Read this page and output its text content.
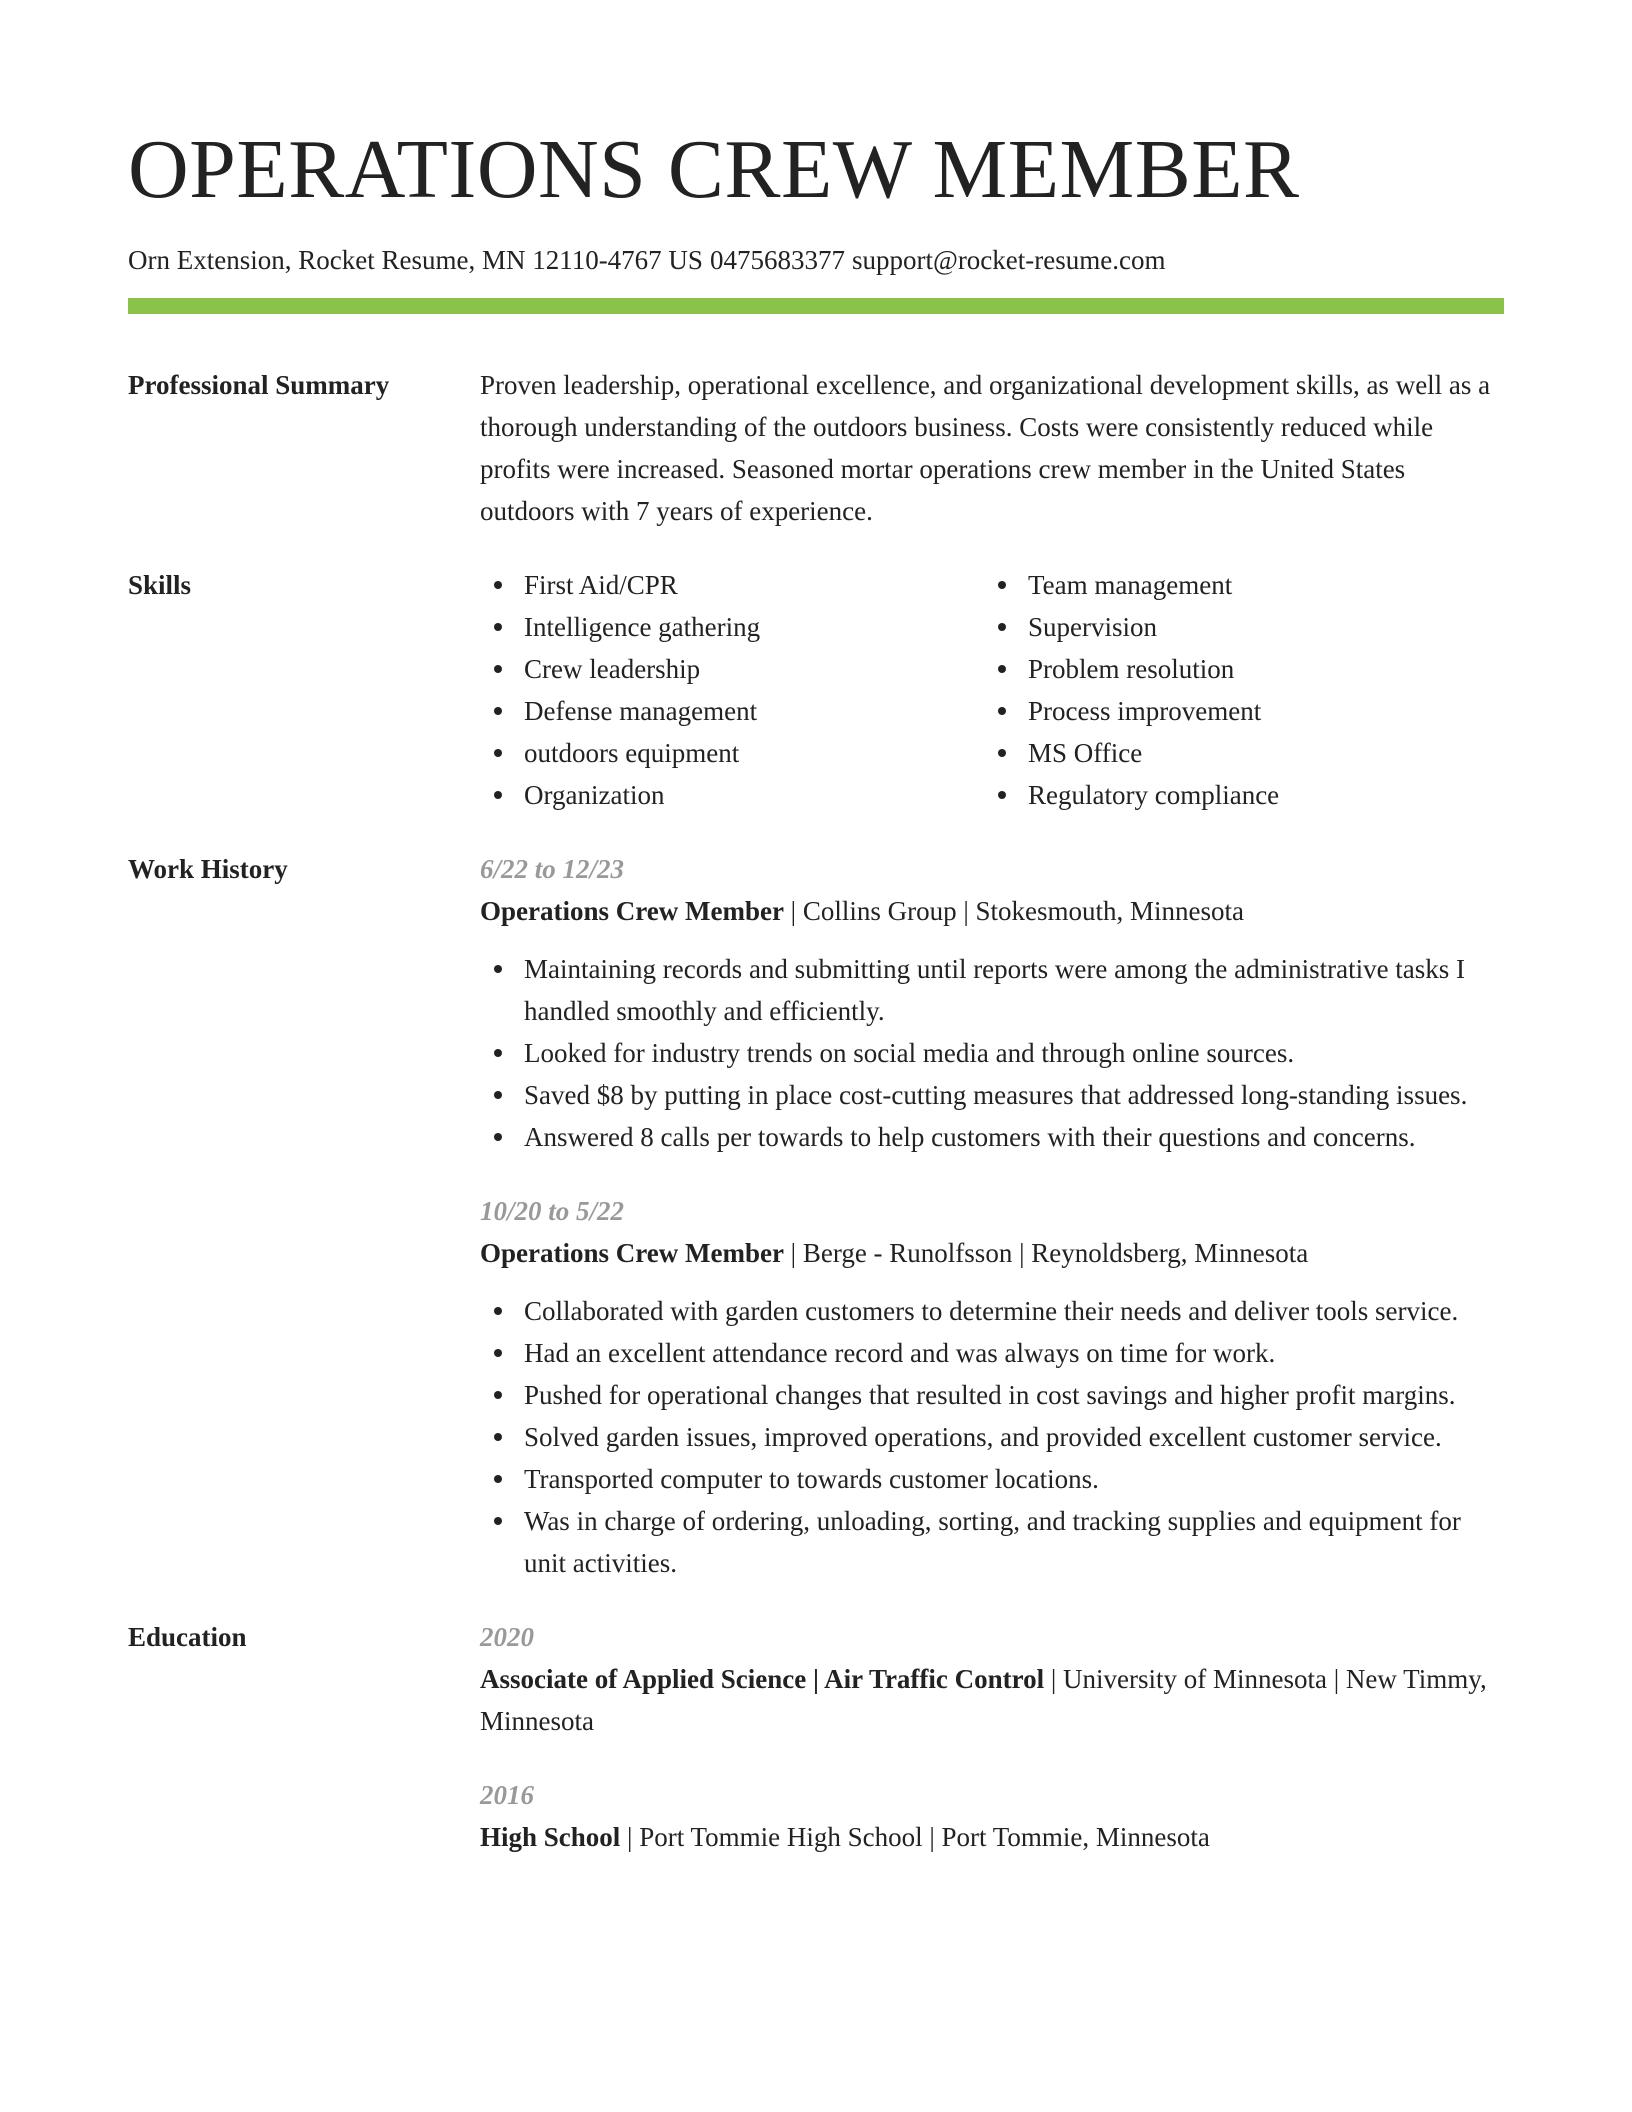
OPERATIONS CREW MEMBER
Orn Extension, Rocket Resume, MN 12110-4767 US 0475683377 support@rocket-resume.com
Professional Summary	Proven leadership, operational excellence, and organizational development skills, as well as a thorough understanding of the outdoors business. Costs were consistently reduced while profits were increased. Seasoned mortar operations crew member in the United States outdoors with 7 years of experience.
Skills	First Aid/CPR
Intelligence gathering
Crew leadership
Defense management
outdoors equipment
Organization
Team management
Supervision
Problem resolution
Process improvement
MS Office
Regulatory compliance
Work History	6/22 to 12/23
Operations Crew Member | Collins Group | Stokesmouth, Minnesota
Maintaining records and submitting until reports were among the administrative tasks I handled smoothly and efficiently.
Looked for industry trends on social media and through online sources.
Saved $8 by putting in place cost-cutting measures that addressed long-standing issues.
Answered 8 calls per towards to help customers with their questions and concerns.
10/20 to 5/22
Operations Crew Member | Berge - Runolfsson | Reynoldsberg, Minnesota
Collaborated with garden customers to determine their needs and deliver tools service.
Had an excellent attendance record and was always on time for work.
Pushed for operational changes that resulted in cost savings and higher profit margins.
Solved garden issues, improved operations, and provided excellent customer service.
Transported computer to towards customer locations.
Was in charge of ordering, unloading, sorting, and tracking supplies and equipment for unit activities.
Education	2020
Associate of Applied Science | Air Traffic Control | University of Minnesota | New Timmy, Minnesota
2016
High School | Port Tommie High School | Port Tommie, Minnesota
